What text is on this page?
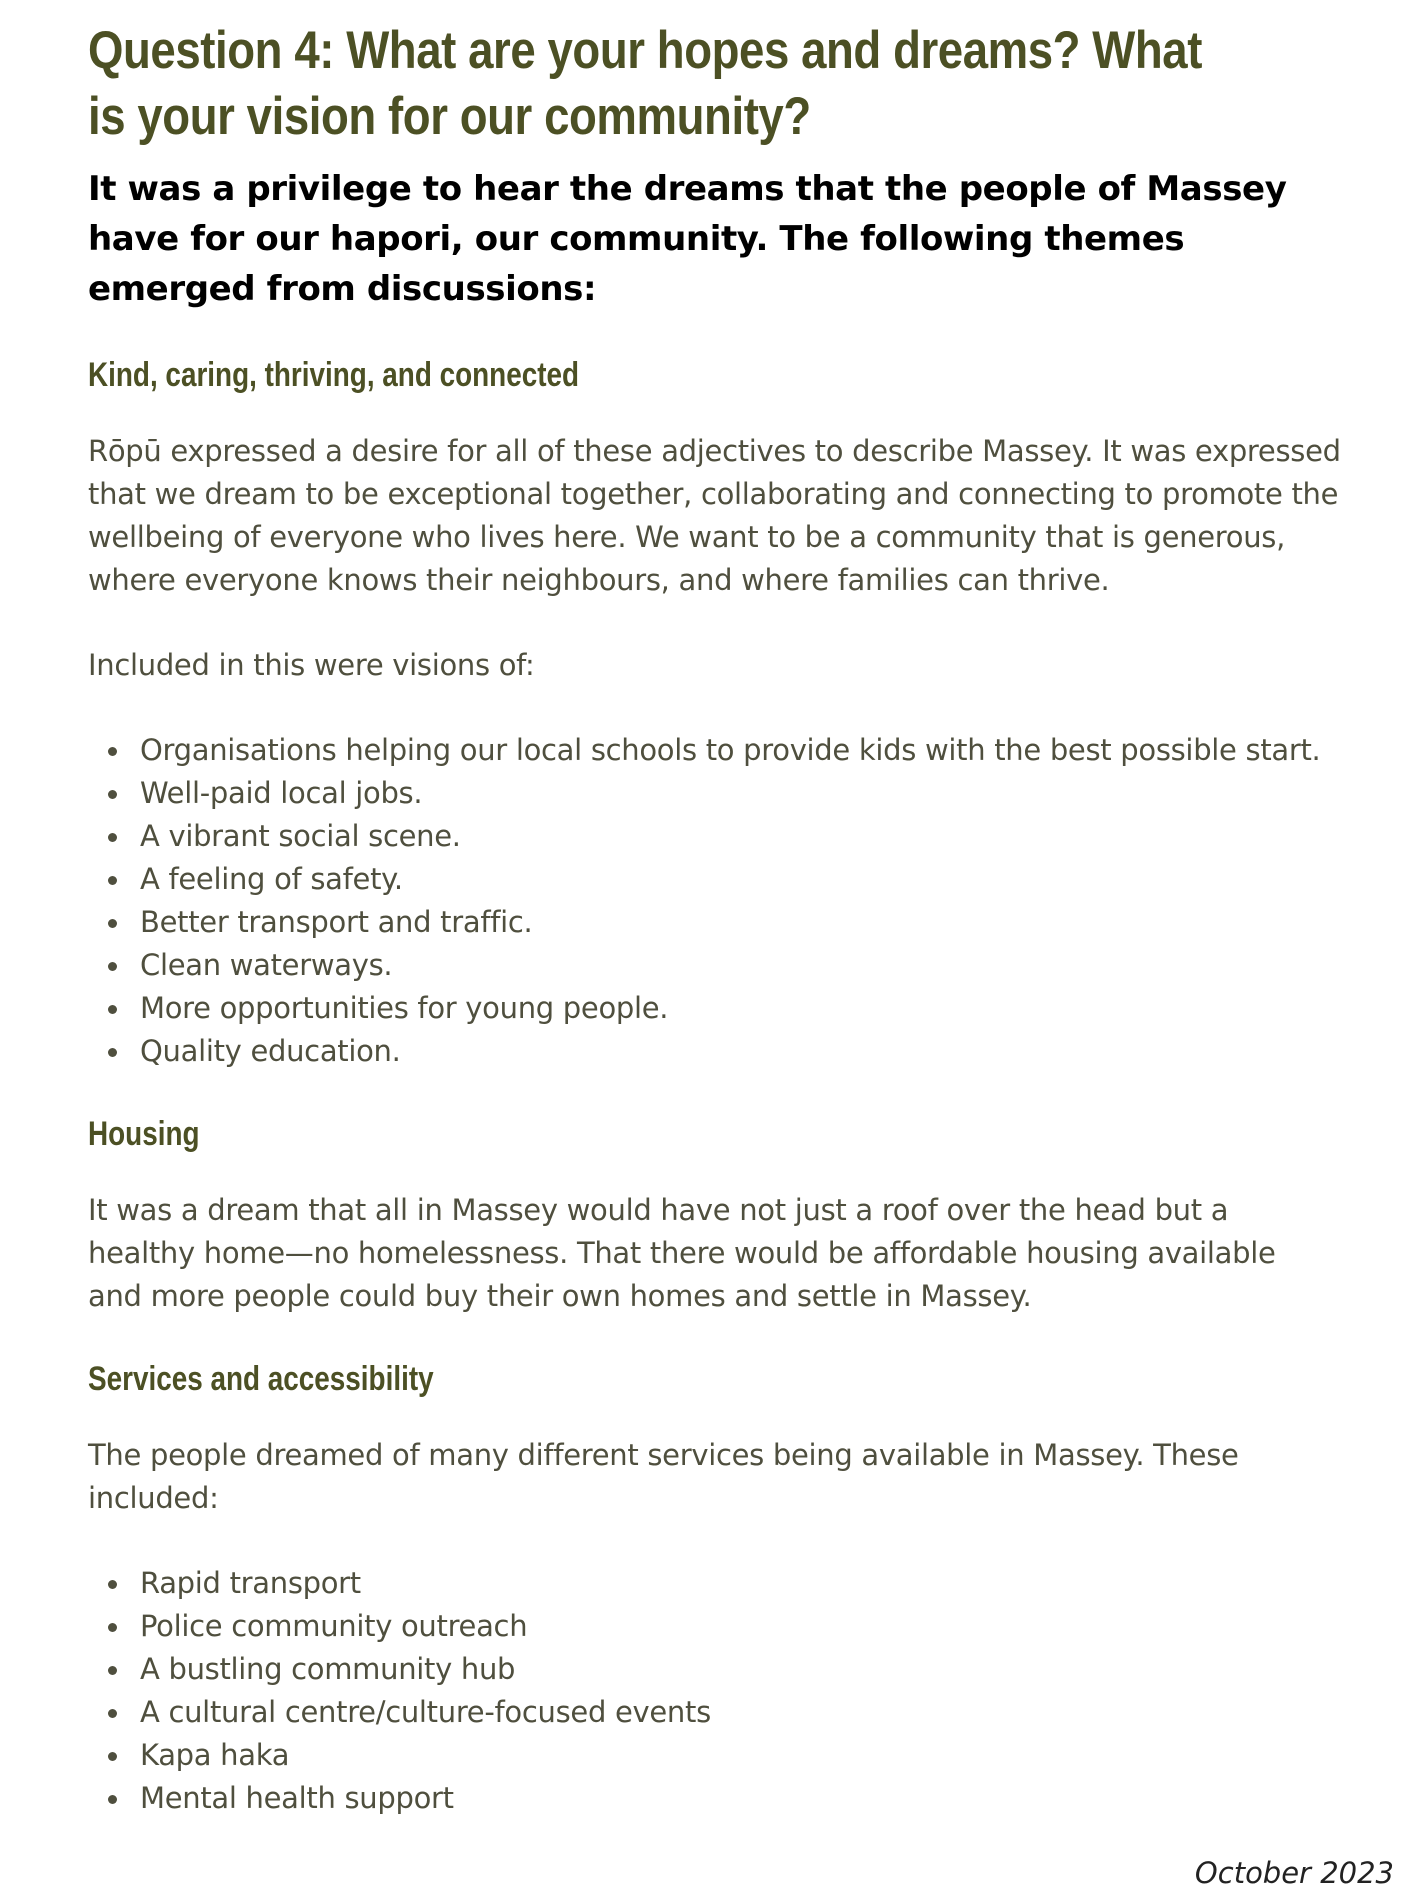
Question 4: What are your hopes and dreams? What is your vision for our community?

It was a privilege to hear the dreams that the people of Massey have for our hapori, our community. The following themes emerged from discussions:

Kind, caring, thriving, and connected

Rōpū expressed a desire for all of these adjectives to describe Massey. It was expressed that we dream to be exceptional together, collaborating and connecting to promote the wellbeing of everyone who lives here. We want to be a community that is generous, where everyone knows their neighbours, and where families can thrive.

Included in this were visions of:

Organisations helping our local schools to provide kids with the best possible start.
Well-paid local jobs.
A vibrant social scene.
A feeling of safety.
Better transport and traffic.
Clean waterways.
More opportunities for young people.
Quality education.
Housing

It was a dream that all in Massey would have not just a roof over the head but a healthy home—no homelessness. That there would be affordable housing available and more people could buy their own homes and settle in Massey.

Services and accessibility

The people dreamed of many different services being available in Massey. These included:

Rapid transport
Police community outreach
A bustling community hub
A cultural centre/culture-focused events
Kapa haka
Mental health support
October 2023
